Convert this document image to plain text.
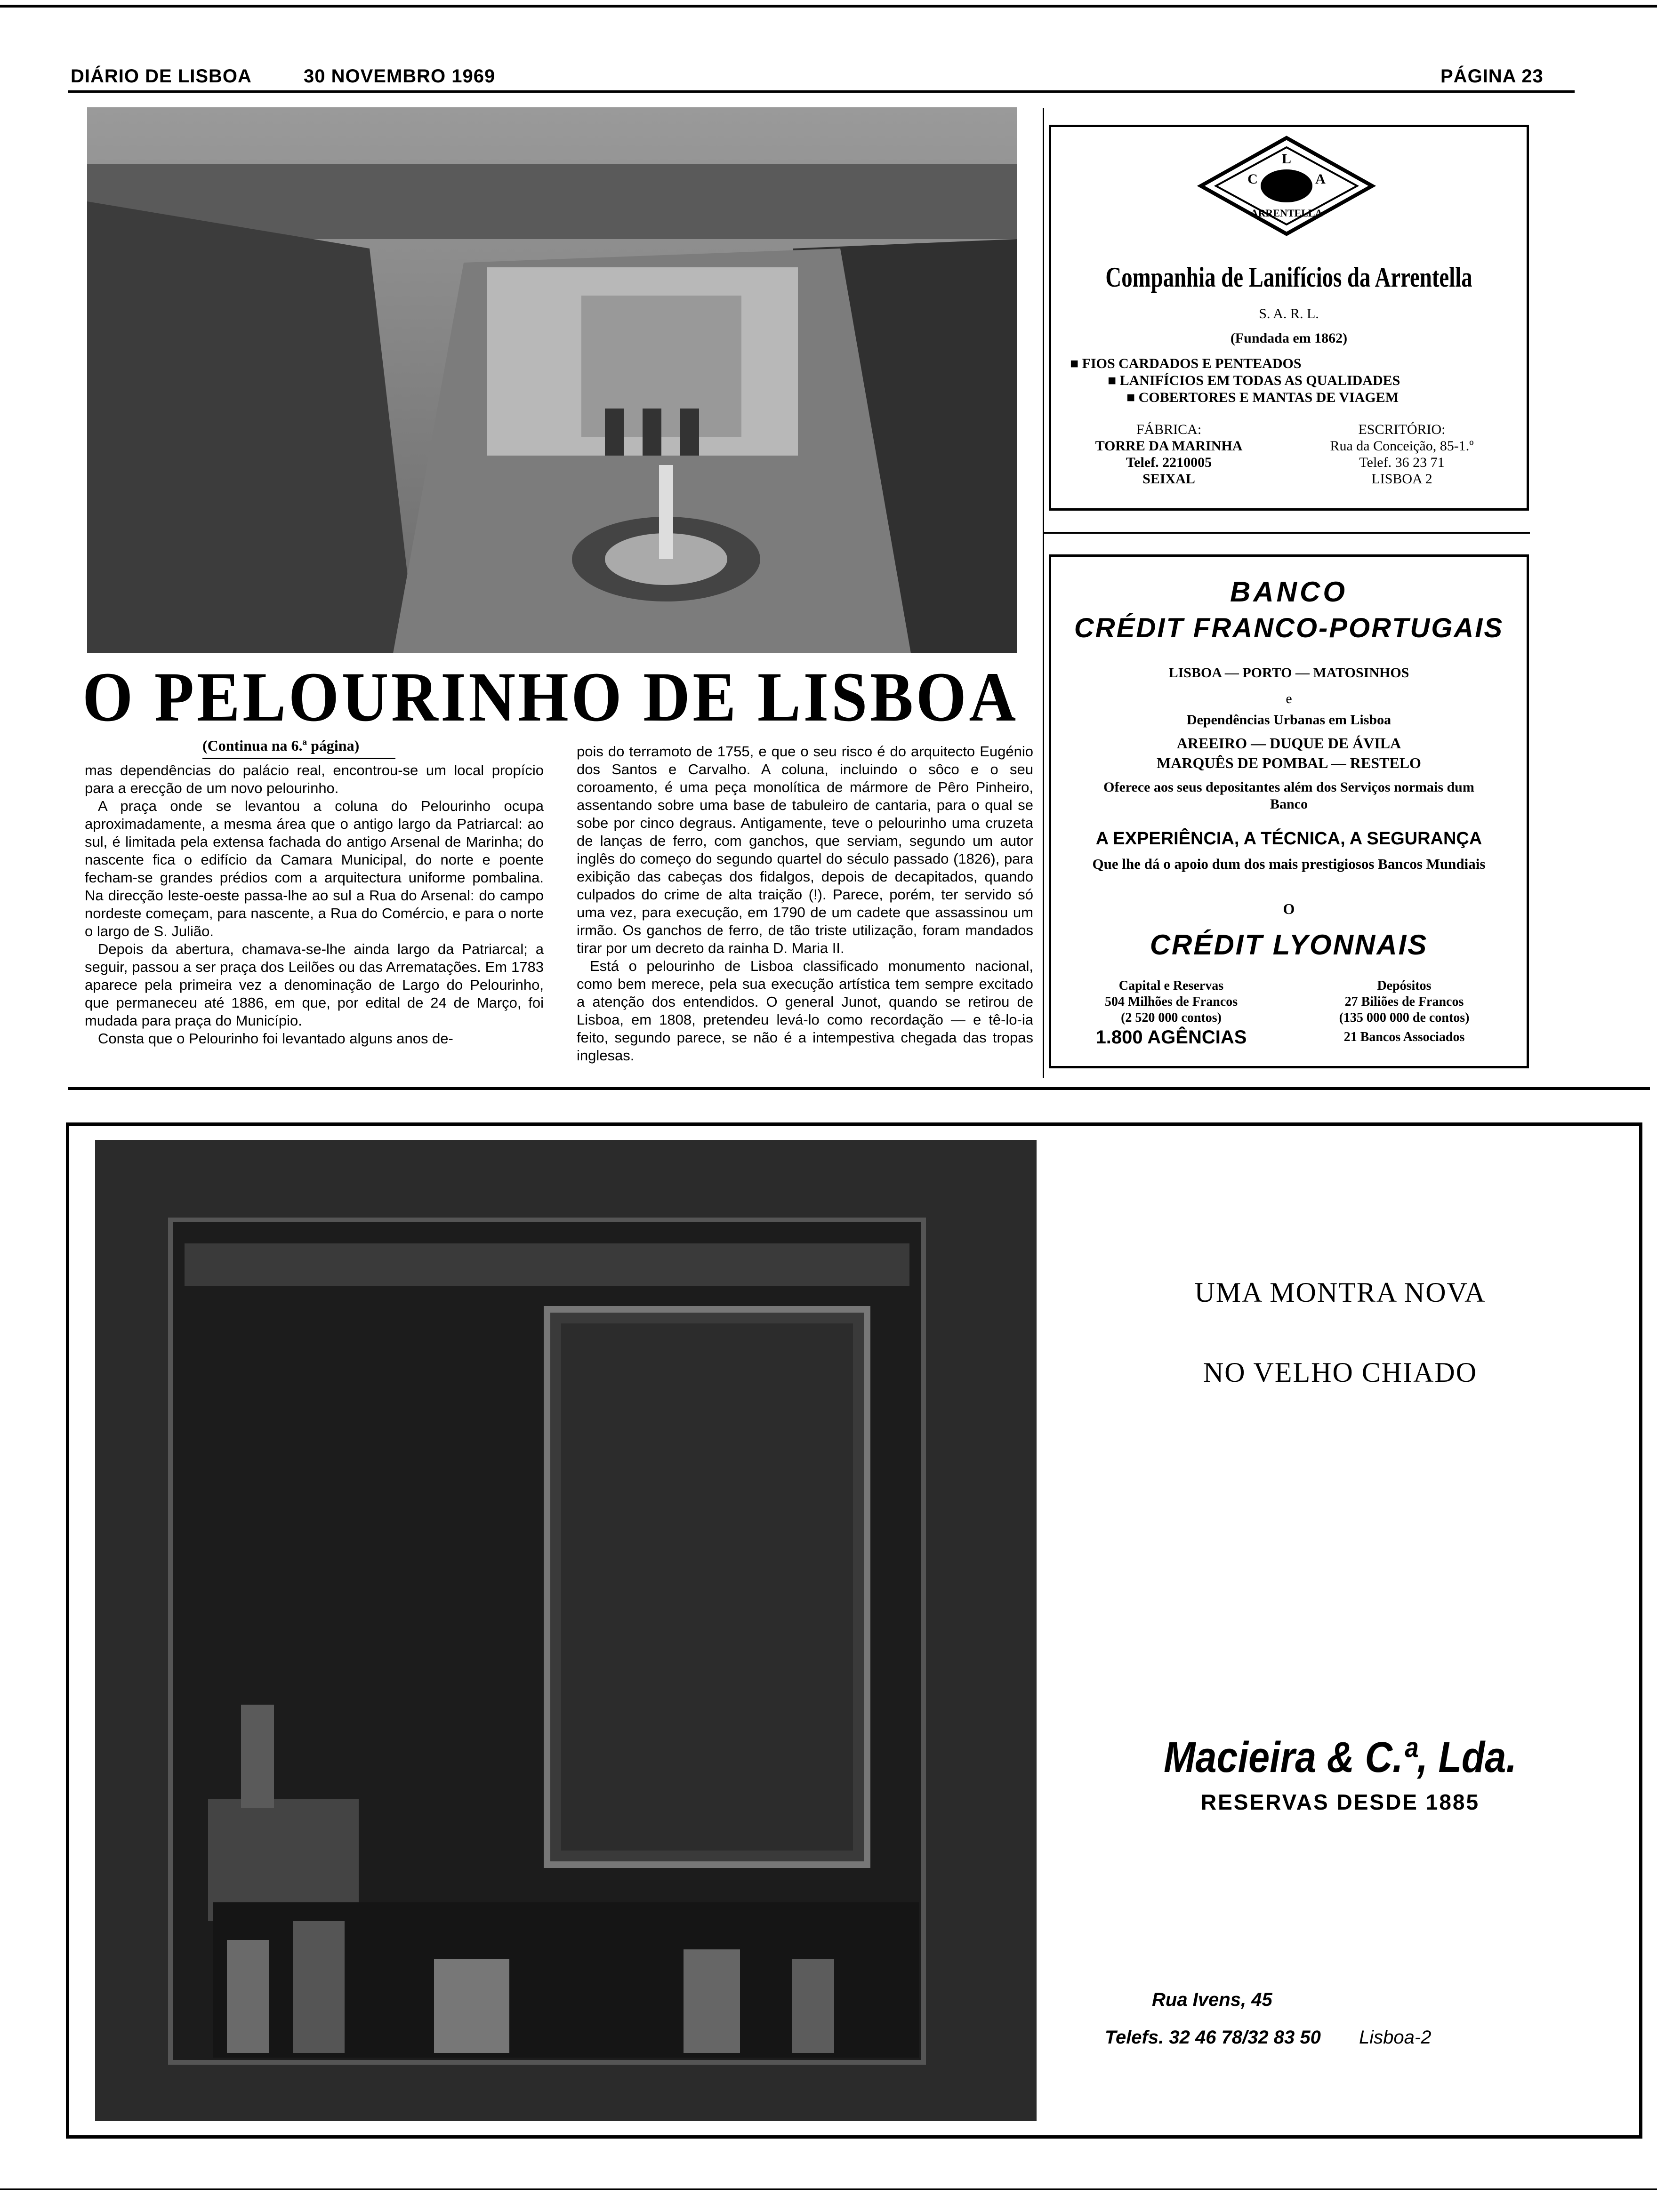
DIÁRIO DE LISBOA	30 NOVEMBRO 1969	PÁGINA 23
O PELOURINHO DE LISBOA
(Continua na 6.ª página)

mas dependências do palácio real, encontrou-se um local propício para a erecção de um novo pelourinho.

A praça onde se levantou a coluna do Pelourinho ocupa aproximadamente, a mesma área que o antigo largo da Patriarcal: ao sul, é limitada pela extensa fachada do antigo Arsenal de Marinha; do nascente fica o edifício da Camara Municipal, do norte e poente fecham-se grandes prédios com a arquitectura uniforme pombalina. Na direcção leste-oeste passa-lhe ao sul a Rua do Arsenal: do campo nordeste começam, para nascente, a Rua do Comércio, e para o norte o largo de S. Julião.

Depois da abertura, chamava-se-lhe ainda largo da Patriarcal; a seguir, passou a ser praça dos Leilões ou das Arrematações. Em 1783 aparece pela primeira vez a denominação de Largo do Pelourinho, que permaneceu até 1886, em que, por edital de 24 de Março, foi mudada para praça do Município.

Consta que o Pelourinho foi levantado alguns anos de-

pois do terramoto de 1755, e que o seu risco é do arquitecto Eugénio dos Santos e Carvalho. A coluna, incluindo o sôco e o seu coroamento, é uma peça monolítica de mármore de Pêro Pinheiro, assentando sobre uma base de tabuleiro de cantaria, para o qual se sobe por cinco degraus. Antigamente, teve o pelourinho uma cruzeta de lanças de ferro, com ganchos, que serviam, segundo um autor inglês do começo do segundo quartel do século passado (1826), para exibição das cabeças dos fidalgos, depois de decapitados, quando culpados do crime de alta traição (!). Parece, porém, ter servido só uma vez, para execução, em 1790 de um cadete que assassinou um irmão. Os ganchos de ferro, de tão triste utilização, foram mandados tirar por um decreto da rainha D. Maria II.

Está o pelourinho de Lisboa classificado monumento nacional, como bem merece, pela sua execução artística tem sempre excitado a atenção dos entendidos. O general Junot, quando se retirou de Lisboa, em 1808, pretendeu levá-lo como recordação — e tê-lo-ia feito, segundo parece, se não é a intempestiva chegada das tropas inglesas.

L
C	A
ARRENTELLA
Companhia de Lanifícios da Arrentella
S. A. R. L.
(Fundada em 1862)
■ FIOS CARDADOS E PENTEADOS
■ LANIFÍCIOS EM TODAS AS QUALIDADES
■ COBERTORES E MANTAS DE VIAGEM
FÁBRICA:
TORRE DA MARINHA
Telef. 2210005
SEIXAL
ESCRITÓRIO:
Rua da Conceição, 85-1.º
Telef. 36 23 71
LISBOA 2
BANCO
CRÉDIT FRANCO-PORTUGAIS
LISBOA — PORTO — MATOSINHOS
e
Dependências Urbanas em Lisboa
AREEIRO — DUQUE DE ÁVILA
MARQUÊS DE POMBAL — RESTELO
Oferece aos seus depositantes além dos Serviços normais dum Banco
A EXPERIÊNCIA, A TÉCNICA, A SEGURANÇA
Que lhe dá o apoio dum dos mais prestigiosos Bancos Mundiais
O
CRÉDIT LYONNAIS
Capital e Reservas
504 Milhões de Francos
(2 520 000 contos)
1.800 AGÊNCIAS
Depósitos
27 Biliões de Francos
(135 000 000 de contos)
21 Bancos Associados
UMA MONTRA NOVA
NO VELHO CHIADO
Macieira & C.ª, Lda.
RESERVAS DESDE 1885
Rua Ivens, 45
Telefs. 32 46 78/32 83 50 Lisboa-2
